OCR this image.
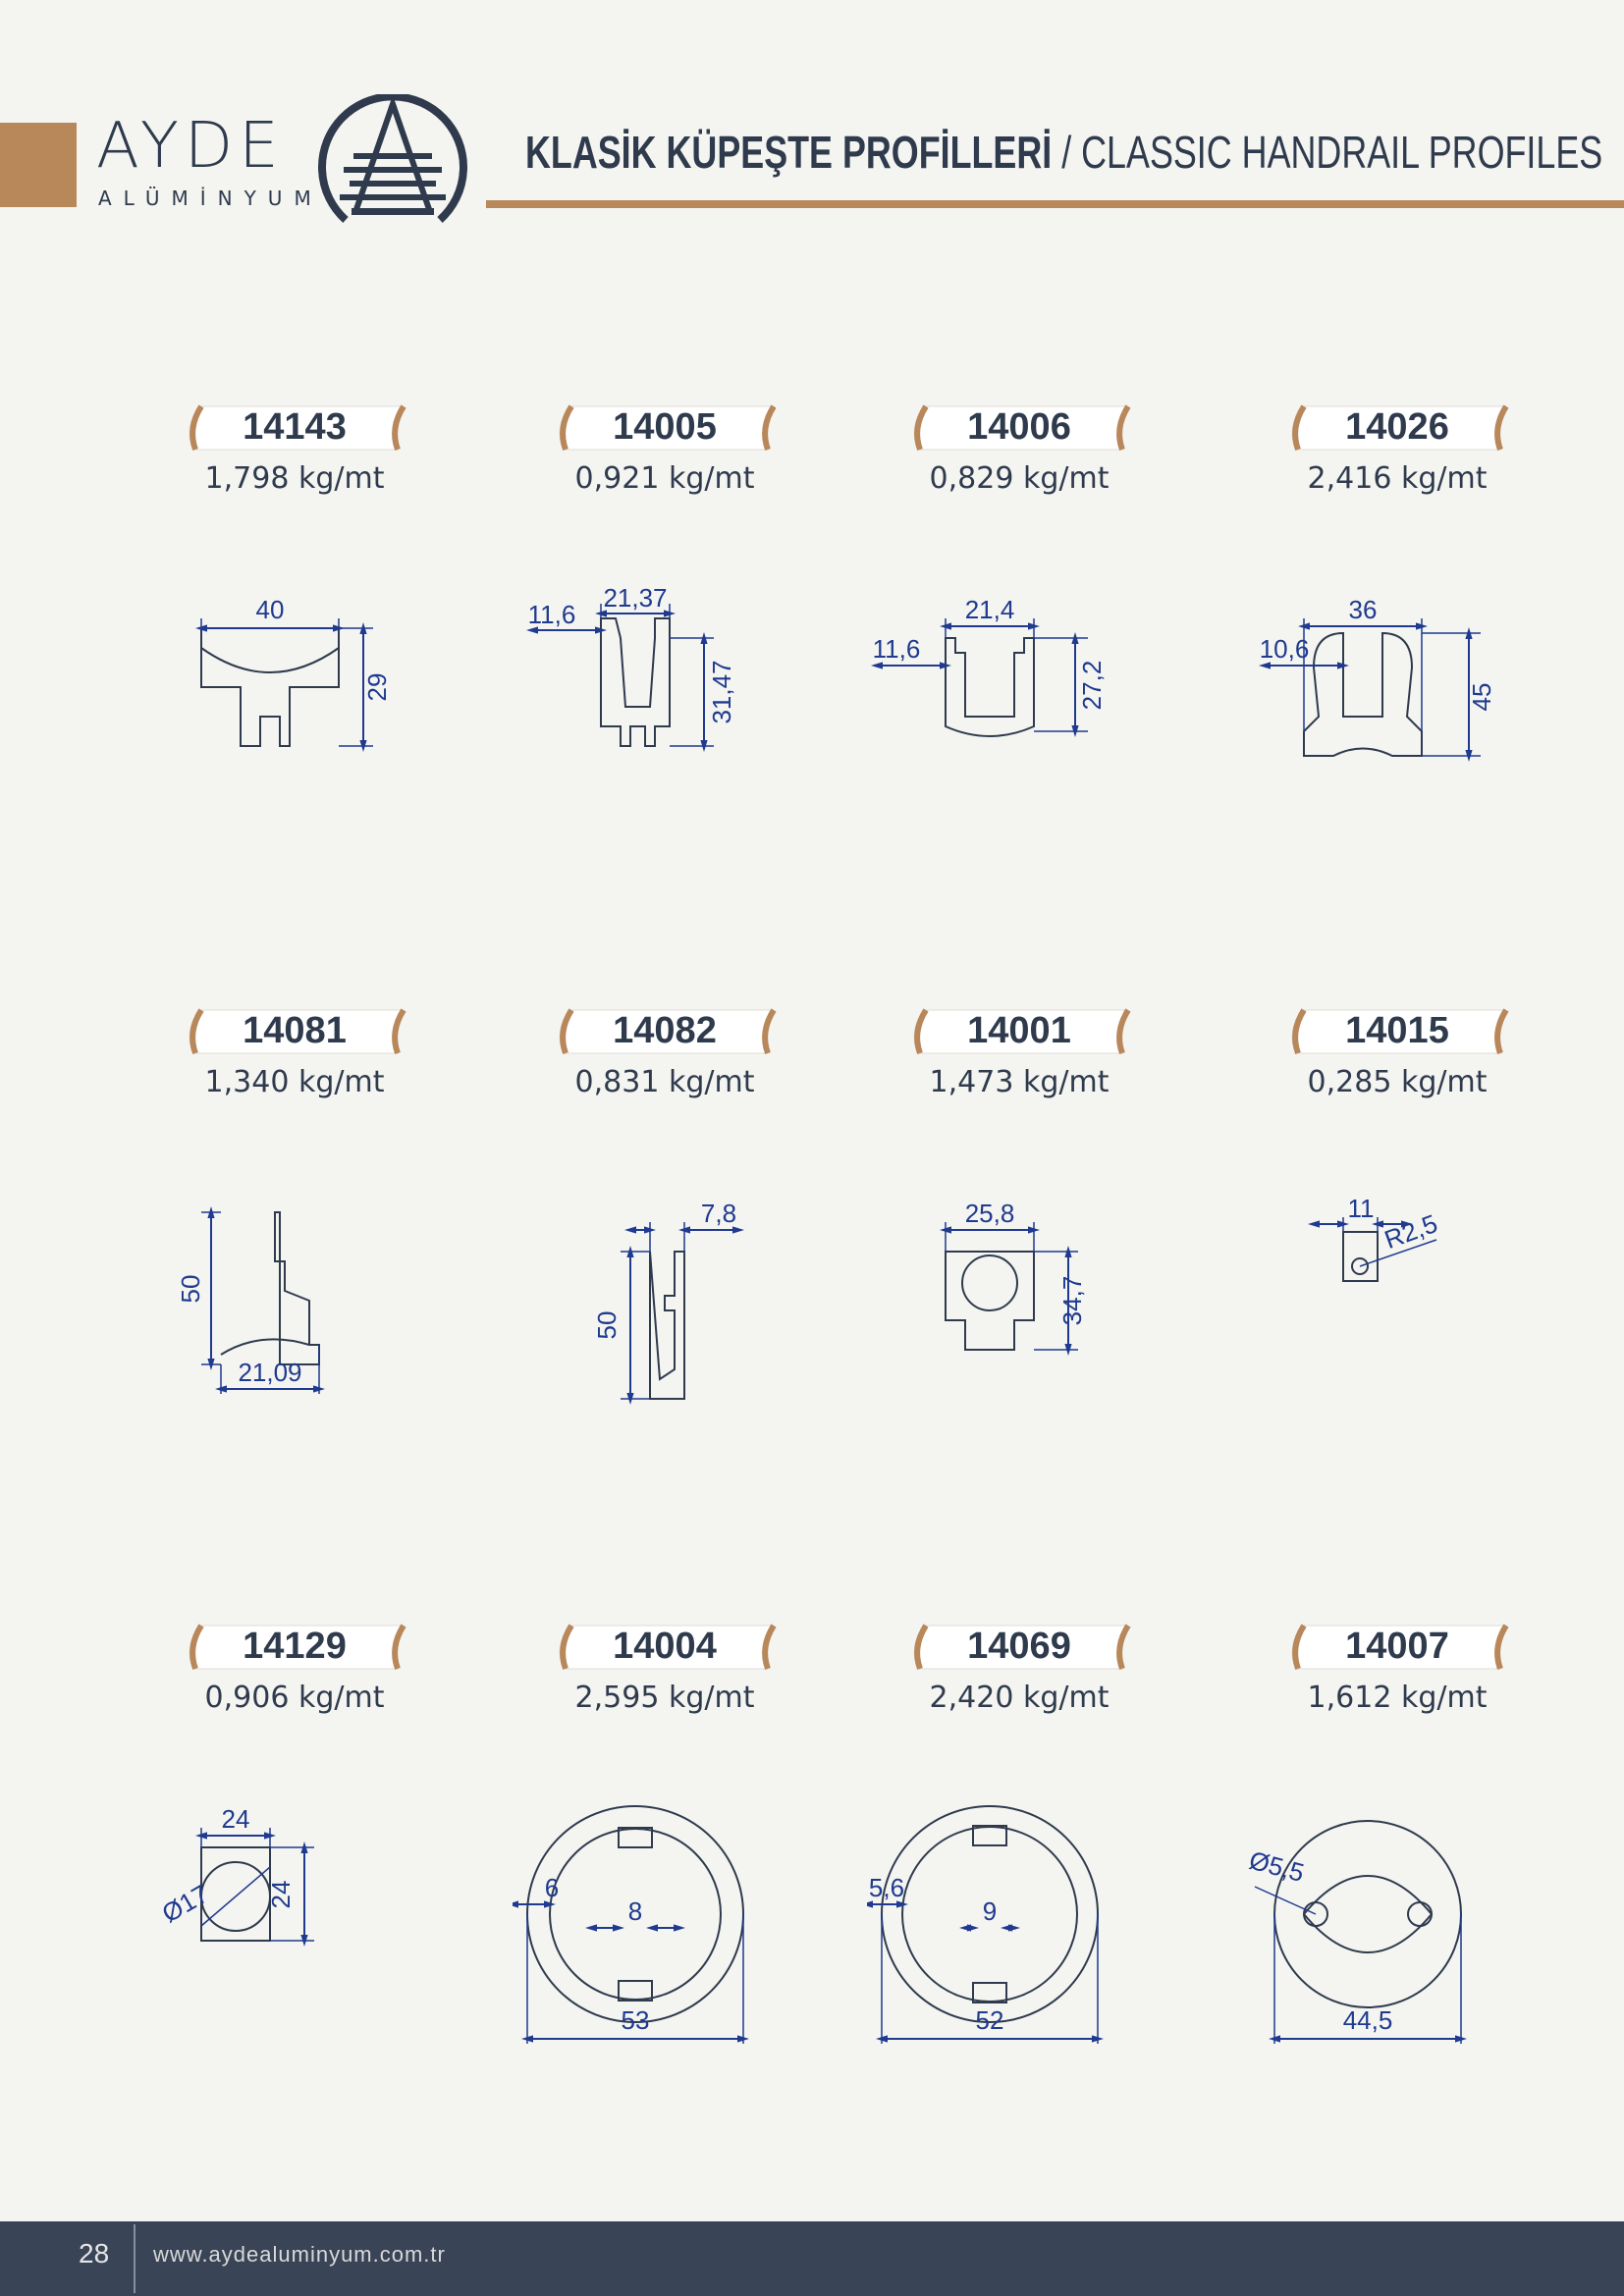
AYDE
ALÜMİNYUM
KLASİK KÜPEŞTE PROFİLLERİ / CLASSIC HANDRAIL PROFILES
14143
1,798 kg/mt
40
29
14005
0,921 kg/mt
21,37
11,6
31,47
14006
0,829 kg/mt
21,4
11,6
27,2
14026
2,416 kg/mt
36
10,6
45
14081
1,340 kg/mt
50
21,09
14082
0,831 kg/mt
7,8
50
14001
1,473 kg/mt
25,8
34,7
14015
0,285 kg/mt
11
R2,5
14129
0,906 kg/mt
24
24
Ø17
14004
2,595 kg/mt
6
8
53
14069
2,420 kg/mt
5,6
9
52
14007
1,612 kg/mt
Ø5,5
44,5
28 www.aydealuminyum.com.tr
